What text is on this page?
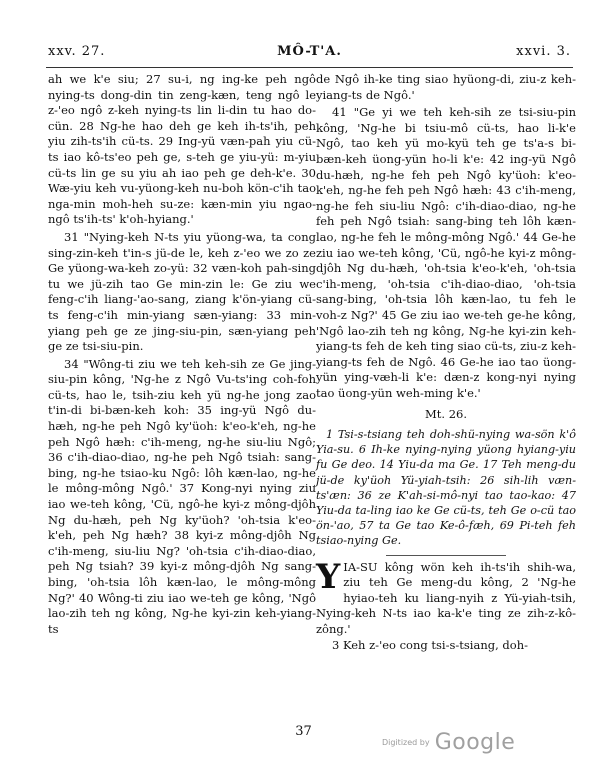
xxv. 27.	MÔ-T'A.	xxvi. 3.

ah we k'e siu; 27 su-i, ng ing-ke peh ngô nying-ts dong-din tin zeng-kæn, teng ngô le z-'eo ngô z-keh nying-ts lin li-din tu hao do-cün. 28 Ng-he hao deh ge keh ih-ts'ih, peh yiu zih-ts'ih cü-ts. 29 Ing-yü væn-pah yiu cü-ts iao kô-ts'eo peh ge, s-teh ge yiu-yü: m-yiu cü-ts lin ge su yiu ah iao peh ge deh-k'e. 30 Wæ-yiu keh vu-yüong-keh nu-boh kön-c'ih tao nga-min moh-heh su-ze: kæn-min yiu ngao-ngô ts'ih-ts' k'oh-hyiang.'

31 "Nying-keh N-ts yiu yüong-wa, ta cong sing-zin-keh t'in-s jü-de le, keh z-'eo we zo ze Ge yüong-wa-keh zo-yü: 32 væn-koh pah-sing tu we jü-zih tao Ge min-zin le: Ge ziu we feng-c'ih liang-'ao-sang, ziang k'ön-yiang cü-ts feng-c'ih min-yiang sæn-yiang: 33 min-yiang peh ge ze jing-siu-pin, sæn-yiang peh ge ze tsi-siu-pin.

34 "Wông-ti ziu we teh keh-sih ze Ge jing-siu-pin kông, 'Ng-he z Ngô Vu-ts'ing coh-foh cü-ts, hao le, tsih-ziu keh yü ng-he jong zao t'in-di bi-bæn-keh koh: 35 ing-yü Ngô du-hæh, ng-he peh Ngô ky'üoh: k'eo-k'eh, ng-he peh Ngô hæh: c'ih-meng, ng-he siu-liu Ngô; 36 c'ih-diao-diao, ng-he peh Ngô tsiah: sang-bing, ng-he tsiao-ku Ngô: lôh kæn-lao, ng-he le mông-mông Ngô.' 37 Kong-nyi nying ziu iao we-teh kông, 'Cü, ngô-he kyi-z mông-djôh Ng du-hæh, peh Ng ky'üoh? 'oh-tsia k'eo-k'eh, peh Ng hæh? 38 kyi-z mông-djôh Ng c'ih-meng, siu-liu Ng? 'oh-tsia c'ih-diao-diao, peh Ng tsiah? 39 kyi-z mông-djôh Ng sang-bing, 'oh-tsia lôh kæn-lao, le mông-mông Ng?' 40 Wông-ti ziu iao we-teh ge kông, 'Ngô lao-zih teh ng kông, Ng-he kyi-zin keh-yiang-ts

de Ngô ih-ke ting siao hyüong-di, ziu-z keh-yiang-ts de Ngô.'

41 "Ge yi we teh keh-sih ze tsi-siu-pin kông, 'Ng-he bi tsiu-mô cü-ts, hao li-k'e Ngô, tao keh yü mo-kyü teh ge ts'a-s bi-bæn-keh üong-yün ho-li k'e: 42 ing-yü Ngô du-hæh, ng-he feh peh Ngô ky'üoh: k'eo-k'eh, ng-he feh peh Ngô hæh: 43 c'ih-meng, ng-he feh siu-liu Ngô: c'ih-diao-diao, ng-he feh peh Ngô tsiah: sang-bing teh lôh kæn-lao, ng-he feh le mông-mông Ngô.' 44 Ge-he ziu iao we-teh kông, 'Cü, ngô-he kyi-z mông-djôh Ng du-hæh, 'oh-tsia k'eo-k'eh, 'oh-tsia c'ih-meng, 'oh-tsia c'ih-diao-diao, 'oh-tsia sang-bing, 'oh-tsia lôh kæn-lao, tu feh le voh-z Ng?' 45 Ge ziu iao we-teh ge-he kông, 'Ngô lao-zih teh ng kông, Ng-he kyi-zin keh-yiang-ts feh de keh ting siao cü-ts, ziu-z keh-yiang-ts feh de Ngô. 46 Ge-he iao tao üong-yün ying-væh-li k'e: dæn-z kong-nyi nying tao üong-yün weh-ming k'e.'

Mt. 26.

1 Tsi-s-tsiang teh doh-shü-nying wa-sön k'ô Yia-su. 6 Ih-ke nying-nying yüong hyiang-yiu fu Ge deo. 14 Yiu-da ma Ge. 17 Teh meng-du jü-de ky'üoh Yü-yiah-tsih: 26 sih-lih væn-ts'æn: 36 ze K'ah-si-mô-nyi tao tao-kao: 47 Yiu-da ta-ling iao ke Ge cü-ts, teh Ge o-cü tao ön-'ao, 57 ta Ge tao Ke-ô-fæh, 69 Pi-teh feh tsiao-nying Ge.

YIA-SU kông wön keh ih-ts'ih shih-wa, ziu teh Ge meng-du kông, 2 'Ng-he hyiao-teh ku liang-nyih z Yü-yiah-tsih, Nying-keh N-ts iao ka-k'e ting ze zih-z-kô-zông.'

3 Keh z-'eo cong tsi-s-tsiang, doh-

37
Digitized by Google
